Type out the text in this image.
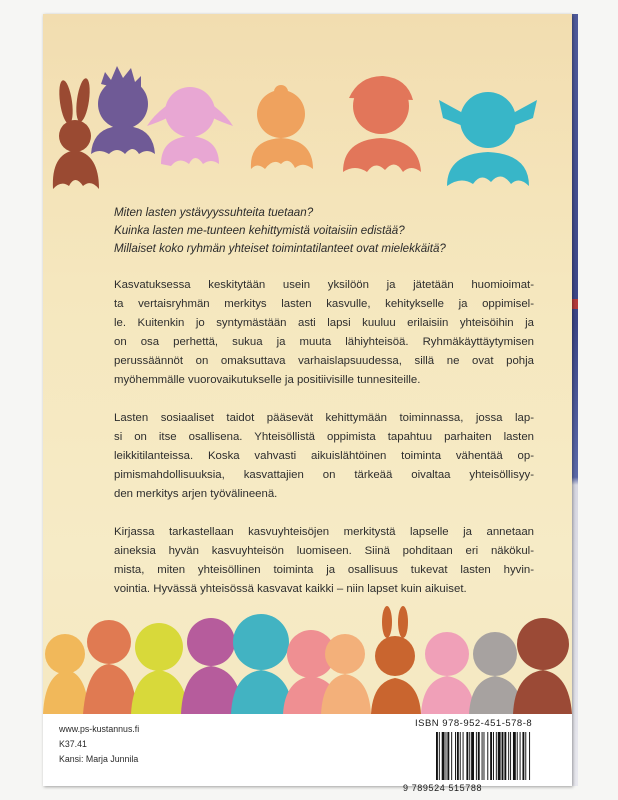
Miten lasten ystävyyssuhteita tuetaan?

Kuinka lasten me-tunteen kehittymistä voitaisiin edistää?

Millaiset koko ryhmän yhteiset toimintatilanteet ovat mielekkäitä?

Kasvatuksessa keskitytään usein yksilöön ja jätetään huomioimat-

ta vertaisryhmän merkitys lasten kasvulle, kehitykselle ja oppimisel-

le. Kuitenkin jo syntymästään asti lapsi kuuluu erilaisiin yhteisöihin ja

on osa perhettä, sukua ja muuta lähiyhteisöä. Ryhmäkäyttäytymisen

perussäännöt on omaksuttava varhaislapsuudessa, sillä ne ovat pohja

myöhemmälle vuorovaikutukselle ja positiivisille tunnesiteille.

Lasten sosiaaliset taidot pääsevät kehittymään toiminnassa, jossa lap-

si on itse osallisena. Yhteisöllistä oppimista tapahtuu parhaiten lasten

leikkitilanteissa. Koska vahvasti aikuislähtöinen toiminta vähentää op-

pimismahdollisuuksia, kasvattajien on tärkeää oivaltaa yhteisöllisyy-

den merkitys arjen työvälineenä.

Kirjassa tarkastellaan kasvuyhteisöjen merkitystä lapselle ja annetaan

aineksia hyvän kasvuyhteisön luomiseen. Siinä pohditaan eri näkökul-

mista, miten yhteisöllinen toiminta ja osallisuus tukevat lasten hyvin-

vointia. Hyvässä yhteisössä kasvavat kaikki – niin lapset kuin aikuiset.

www.ps-kustannus.fi

K37.41

Kansi: Marja Junnila

ISBN 978-952-451-578-8
9 789524 515788
